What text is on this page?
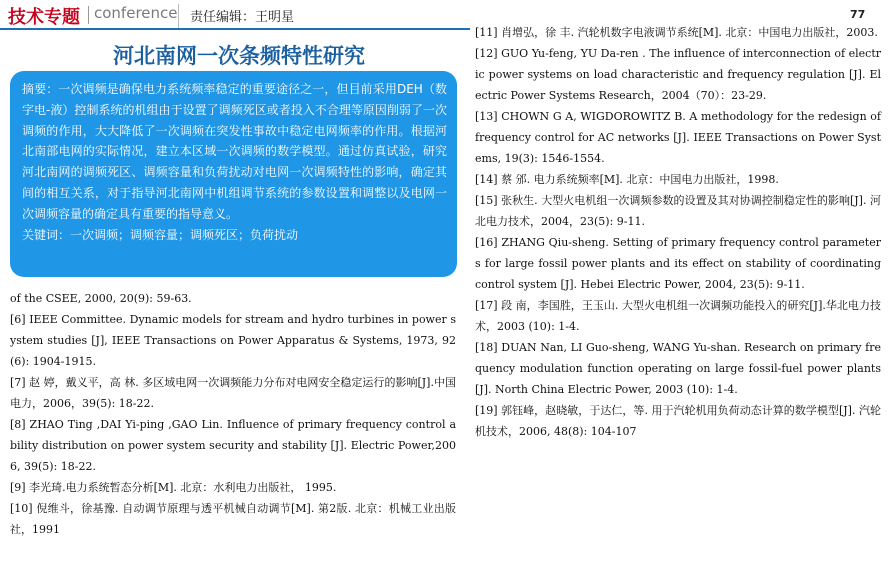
技术专题 conference 责任编辑：王明星	77
河北南网一次条频特性研究

摘要：一次调频是确保电力系统频率稳定的重要途径之一，但目前采用DEH（数字电-液）控制系统的机组由于设置了调频死区或者投入不合理等原因削弱了一次调频的作用，大大降低了一次调频在突发性事故中稳定电网频率的作用。根据河北南部电网的实际情况，建立本区域一次调频的数学模型。通过仿真试验，研究河北南网的调频死区、调频容量和负荷扰动对电网一次调频特性的影响，确定其间的相互关系，对于指导河北南网中机组调节系统的参数设置和调整以及电网一次调频容量的确定具有重要的指导意义。

关键词：一次调频；调频容量；调频死区；负荷扰动

of the CSEE, 2000, 20(9): 59-63.

[6] IEEE Committee. Dynamic models for stream and hydro turbines in power system studies [J], IEEE Transactions on Power Apparatus & Systems, 1973, 92(6): 1904-1915.

[7] 赵 婷，戴义平，高 林. 多区域电网一次调频能力分布对电网安全稳定运行的影响[J].中国电力，2006，39(5): 18-22.

[8] ZHAO Ting ,DAI Yi-ping ,GAO Lin. Influence of primary frequency control ability distribution on power system security and stability [J]. Electric Power,2006, 39(5): 18-22.

[9] 李光琦.电力系统暂态分析[M]. 北京：水利电力出版社， 1995.

[10] 倪维斗，徐基豫. 自动调节原理与透平机械自动调节[M]. 第2版. 北京：机械工业出版社，1991

[11] 肖增弘，徐 丰. 汽轮机数字电液调节系统[M]. 北京：中国电力出版社，2003.

[12] GUO Yu-feng, YU Da-ren . The influence of interconnection of electric power systems on load characteristic and frequency regulation [J]. Electric Power Systems Research，2004（70）：23-29.

[13] CHOWN G A, WIGDOROWITZ B. A methodology for the redesign of frequency control for AC networks [J]. IEEE Transactions on Power Systems, 19(3): 1546-1554.

[14] 蔡 邠. 电力系统频率[M]. 北京：中国电力出版社，1998.

[15] 张秋生. 大型火电机组一次调频参数的设置及其对协调控制稳定性的影响[J]. 河北电力技术，2004，23(5): 9-11.

[16] ZHANG Qiu-sheng. Setting of primary frequency control parameters for large fossil power plants and its effect on stability of coordinating control system [J]. Hebei Electric Power, 2004, 23(5): 9-11.

[17] 段 南，李国胜，王玉山. 大型火电机组一次调频功能投入的研究[J].华北电力技术，2003 (10): 1-4.

[18] DUAN Nan, LI Guo-sheng, WANG Yu-shan. Research on primary frequency modulation function operating on large fossil-fuel power plants [J]. North China Electric Power, 2003 (10): 1-4.

[19] 郭钰峰，赵晓敏，于达仁，等. 用于汽轮机用负荷动态计算的数学模型[J]. 汽轮机技术，2006, 48(8): 104-107
